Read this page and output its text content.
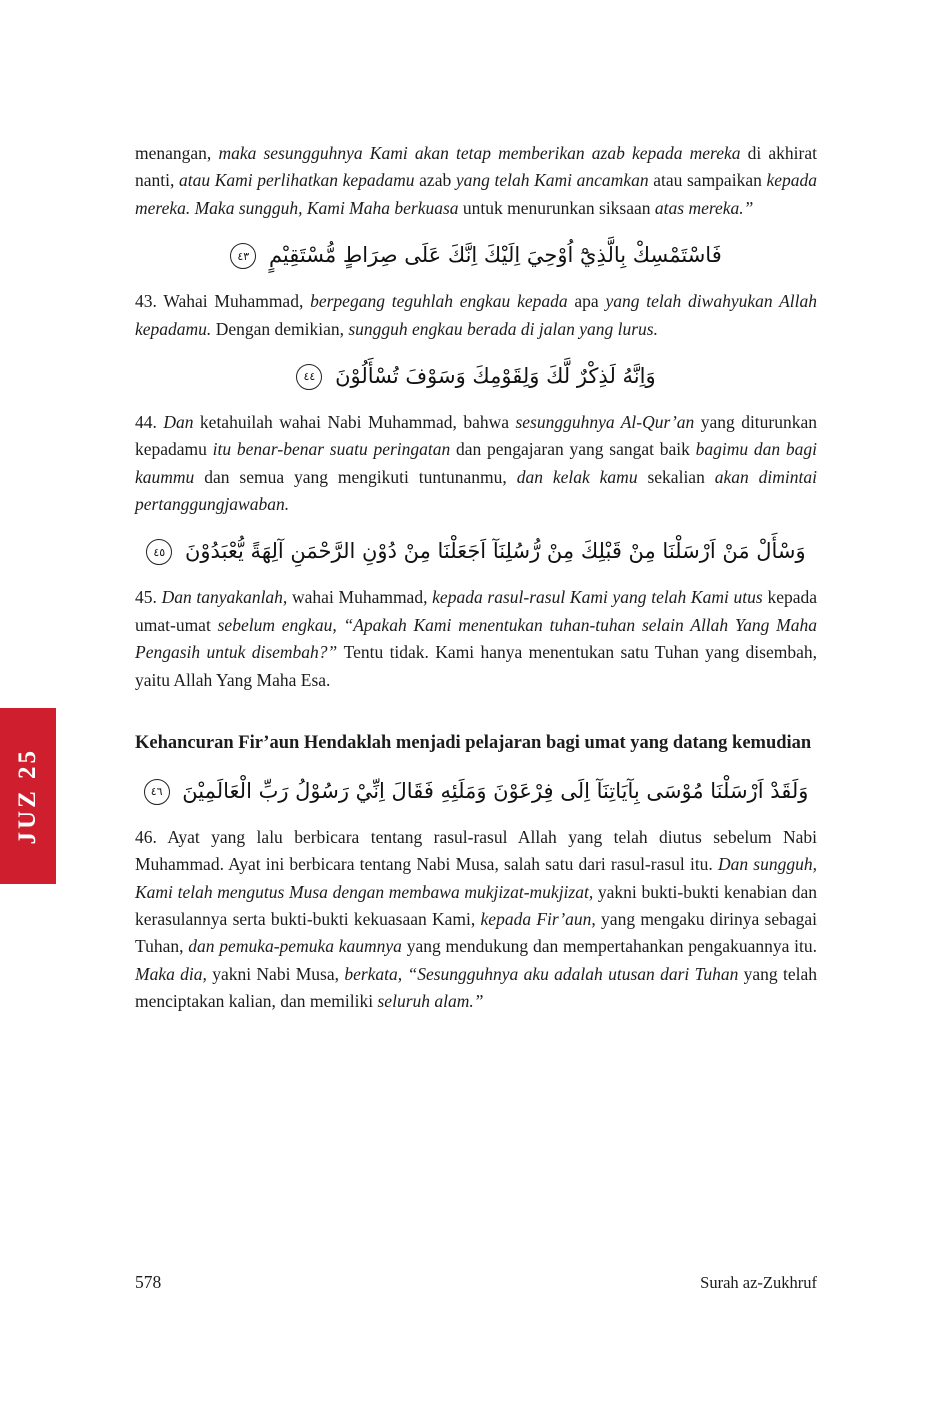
JUZ 25

menangan, maka sesungguhnya Kami akan tetap memberikan azab kepada mereka di akhirat nanti, atau Kami perlihatkan kepadamu azab yang telah Kami ancamkan atau sampaikan kepada mereka. Maka sungguh, Kami Maha berkuasa untuk menurunkan siksaan atas mereka.”

فَاسْتَمْسِكْ بِالَّذِيْٓ اُوْحِيَ اِلَيْكَ اِنَّكَ عَلَى صِرَاطٍ مُّسْتَقِيْمٍ ٤٣

43. Wahai Muhammad, berpegang teguhlah engkau kepada apa yang telah diwahyukan Allah kepadamu. Dengan demikian, sungguh engkau berada di jalan yang lurus.

وَاِنَّهُ لَذِكْرٌ لَّكَ وَلِقَوْمِكَ وَسَوْفَ تُسْأَلُوْنَ ٤٤

44. Dan ketahuilah wahai Nabi Muhammad, bahwa sesungguhnya Al-Qur’an yang diturunkan kepadamu itu benar-benar suatu peringatan dan pengajaran yang sangat baik bagimu dan bagi kaummu dan semua yang mengikuti tuntunanmu, dan kelak kamu sekalian akan dimintai pertanggungjawaban.

وَسْأَلْ مَنْ اَرْسَلْنَا مِنْ قَبْلِكَ مِنْ رُّسُلِنَآ اَجَعَلْنَا مِنْ دُوْنِ الرَّحْمَنِ آلِهَةً يُّعْبَدُوْنَ ٤٥

45. Dan tanyakanlah, wahai Muhammad, kepada rasul-rasul Kami yang telah Kami utus kepada umat-umat sebelum engkau, “Apakah Kami menentukan tuhan-tuhan selain Allah Yang Maha Pengasih untuk disembah?” Tentu tidak. Kami hanya menentukan satu Tuhan yang disembah, yaitu Allah Yang Maha Esa.

Kehancuran Fir’aun Hendaklah menjadi pelajaran bagi umat yang datang kemudian
وَلَقَدْ اَرْسَلْنَا مُوْسَى بِآيَاتِنَآ اِلَى فِرْعَوْنَ وَمَلَئِهِ فَقَالَ اِنِّيْ رَسُوْلُ رَبِّ الْعَالَمِيْنَ ٤٦

46. Ayat yang lalu berbicara tentang rasul-rasul Allah yang telah diutus sebelum Nabi Muhammad. Ayat ini berbicara tentang Nabi Musa, salah satu dari rasul-rasul itu. Dan sungguh, Kami telah mengutus Musa dengan membawa mukjizat-mukjizat, yakni bukti-bukti kenabian dan kerasulannya serta bukti-bukti kekuasaan Kami, kepada Fir’aun, yang mengaku dirinya sebagai Tuhan, dan pemuka-pemuka kaumnya yang mendukung dan mempertahankan pengakuannya itu. Maka dia, yakni Nabi Musa, berkata, “Sesungguhnya aku adalah utusan dari Tuhan yang telah menciptakan kalian, dan memiliki seluruh alam.”

578	Surah az-Zukhruf
